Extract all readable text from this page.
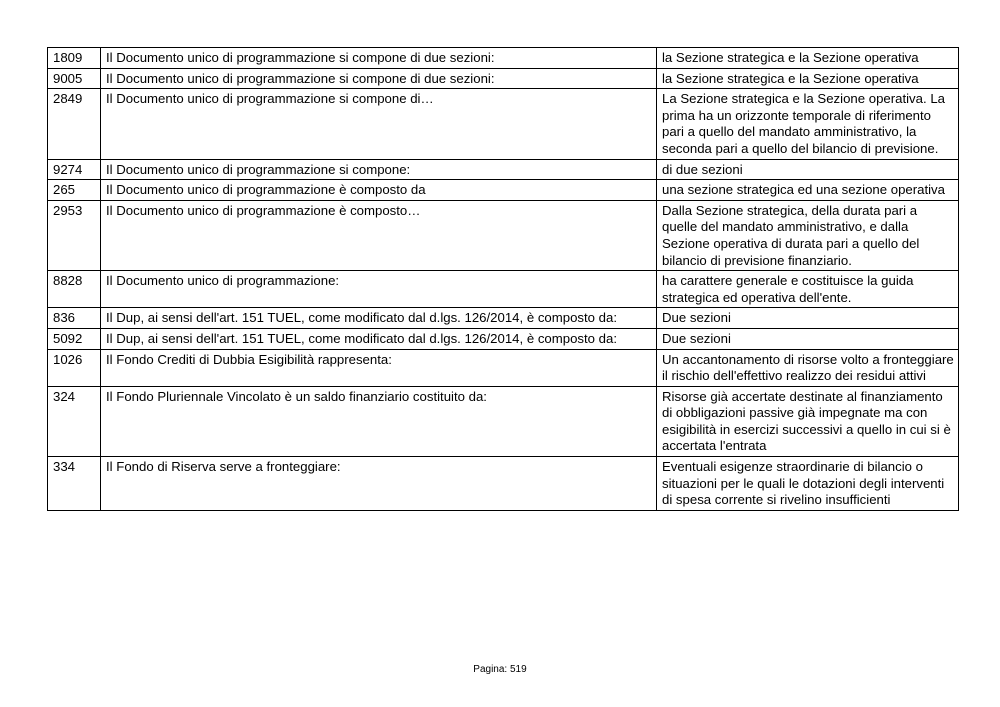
1809	Il Documento unico di programmazione si compone di due sezioni:	la Sezione strategica e la Sezione operativa
9005	Il Documento unico di programmazione si compone di due sezioni:	la Sezione strategica e la Sezione operativa
2849	Il Documento unico di programmazione si compone di…	La Sezione strategica e la Sezione operativa. La prima ha un orizzonte temporale di riferimento pari a quello del mandato amministrativo, la seconda pari a quello del bilancio di previsione.
9274	Il Documento unico di programmazione si compone:	di due sezioni
265	Il Documento unico di programmazione è composto da	una sezione strategica ed una sezione operativa
2953	Il Documento unico di programmazione è composto…	Dalla Sezione strategica, della durata pari a quelle del mandato amministrativo, e dalla Sezione operativa di durata pari a quello del bilancio di previsione finanziario.
8828	Il Documento unico di programmazione:	ha carattere generale e costituisce la guida strategica ed operativa dell'ente.
836	Il Dup, ai sensi dell'art. 151 TUEL, come modificato dal d.lgs. 126/2014, è composto da:	Due sezioni
5092	Il Dup, ai sensi dell'art. 151 TUEL, come modificato dal d.lgs. 126/2014, è composto da:	Due sezioni
1026	Il Fondo Crediti di Dubbia Esigibilità rappresenta:	Un accantonamento di risorse volto a fronteggiare il rischio dell'effettivo realizzo dei residui attivi
324	Il Fondo Pluriennale Vincolato è un saldo finanziario costituito da:	Risorse già accertate destinate al finanziamento di obbligazioni passive già impegnate ma con esigibilità in esercizi successivi a quello in cui si è accertata l'entrata
334	Il Fondo di Riserva serve a fronteggiare:	Eventuali esigenze straordinarie di bilancio o situazioni per le quali le dotazioni degli interventi di spesa corrente si rivelino insufficienti
Pagina: 519
